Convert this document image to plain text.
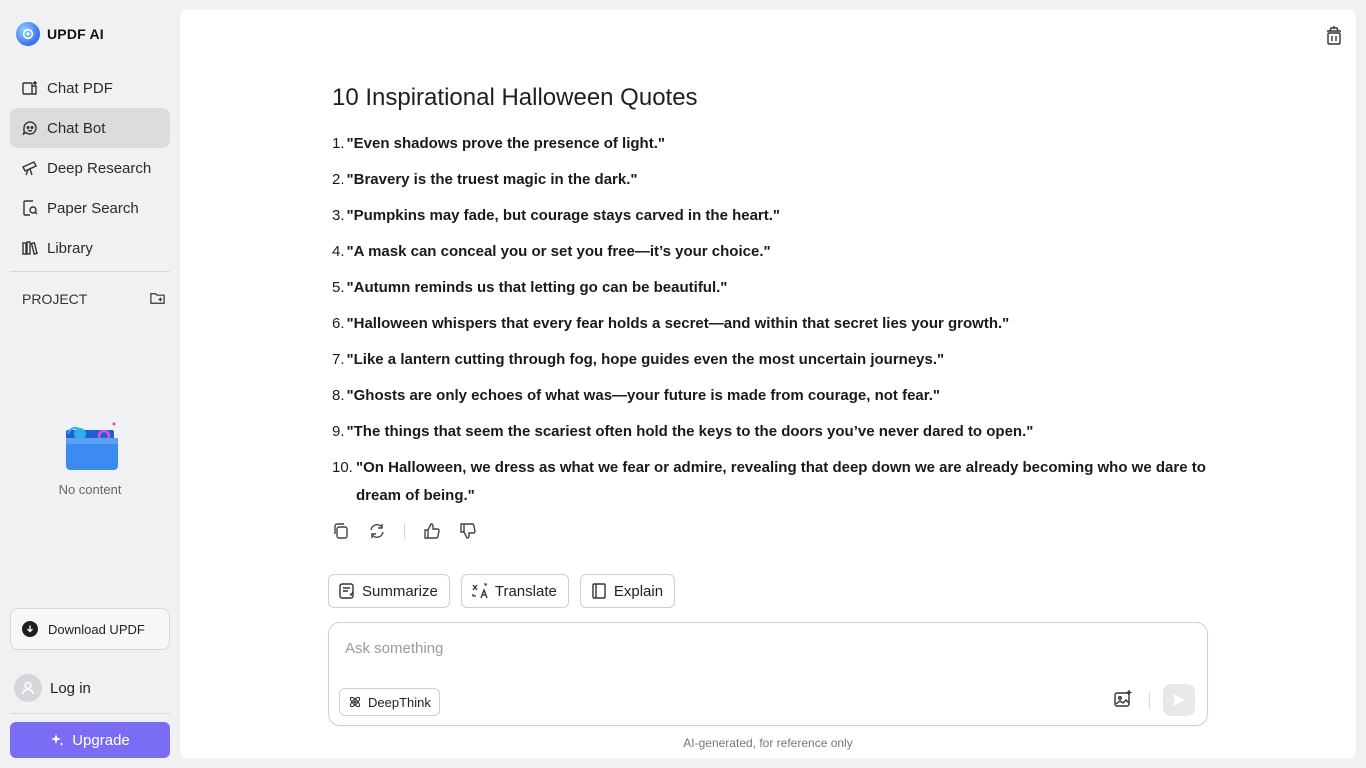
UPDF AI
Chat PDF
Chat Bot
Deep Research
Paper Search
Library
PROJECT
No content
Download UPDF
Log in
Upgrade
10 Inspirational Halloween Quotes
1. "Even shadows prove the presence of light."
2. "Bravery is the truest magic in the dark."
3. "Pumpkins may fade, but courage stays carved in the heart."
4. "A mask can conceal you or set you free—it’s your choice."
5. "Autumn reminds us that letting go can be beautiful."
6. "Halloween whispers that every fear holds a secret—and within that secret lies your growth."
7. "Like a lantern cutting through fog, hope guides even the most uncertain journeys."
8. "Ghosts are only echoes of what was—your future is made from courage, not fear."
9. "The things that seem the scariest often hold the keys to the doors you’ve never dared to open."
10. "On Halloween, we dress as what we fear or admire, revealing that deep down we are already becoming who we dare to dream of being."
Summarize	Translate	Explain
Ask something
DeepThink
AI-generated, for reference only
